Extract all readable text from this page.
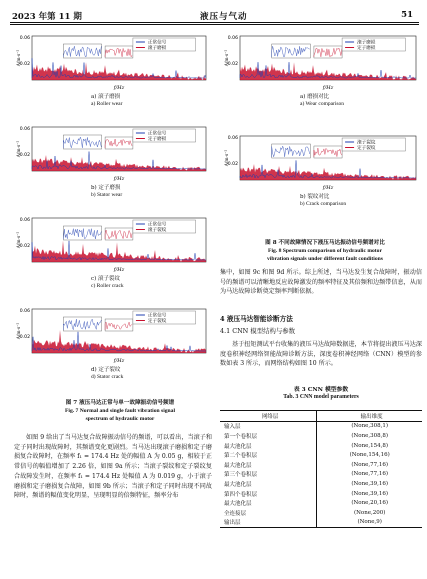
2023 年第 11 期	液压与气动	51
正常信号
滚子磨损
0.06
0.02
A/m·s⁻²
f/Hz
a) 滚子磨损
a) Roller wear
正常信号
定子磨损
0.06
0.02
A/m·s⁻²
f/Hz
b) 定子磨损
b) Stator wear
正常信号
滚子裂纹
0.06
0.02
A/m·s⁻²
f/Hz
c) 滚子裂纹
c) Roller crack
正常信号
定子裂纹
0.06
0.02
A/m·s⁻²
f/Hz
d) 定子裂纹
d) Stator crack
图 7 液压马达正常与单一故障振动信号频谱
Fig. 7 Normal and single fault vibration signal
spectrum of hydraulic motor
滚子磨损
定子磨损
0.06
0.02
A/m·s⁻²
f/Hz
a) 磨损对比
a) Wear comparison
滚子裂纹
定子裂纹
0.06
0.02
A/m·s⁻²
f/Hz
b) 裂纹对比
b) Crack comparison
图 8 不同故障情况下液压马达振动信号频谱对比
Fig. 8 Spectrum comparison of hydraulic motor
vibration signals under different fault conditions

如图 9 给出了当马达复合故障振动信号的频谱，可以看出，当滚子和定子同时出现故障时，其频谱变化更剧烈。当马达出现滚子磨损和定子磨损复合故障时，在频率 f₁ = 174.4 Hz 处的幅值 A 为 0.05 g，相较于正常信号的幅值增加了 2.26 倍，如图 9a 所示；当滚子裂纹和定子裂纹复合故障发生时，在频率 f₁ = 174.4 Hz 处幅值 A 为 0.019 g，小于滚子磨损和定子磨损复合故障，如图 9b 所示；当滚子和定子同时出现不同故障时，频谱的幅值变化明显，呈现明显的倍频特征，频率分布

集中，如图 9c 和图 9d 所示。综上所述，当马达发生复合故障时，振动信号的频谱可以清晰地反应故障激发的频率特征及其倍频和边频带信息，从而为马达故障诊断奠定频率判断依据。

4 液压马达智能诊断方法
4.1 CNN 模型结构与参数

基于扭矩测试平台收集的液压马达故障数据进，本节将提出液压马达深度卷积神经网络智能故障诊断方法，深度卷积神经网络（CNN）模型的参数如表 3 所示，而网络结构如图 10 所示。

表 3 CNN 模型参数
Tab. 3 CNN model parameters
网络层	输出维度
输入层	(None,308,1)
第一个卷积层	(None,308,8)
最大池化层	(None,154,8)
第二个卷积层	(None,154,16)
最大池化层	(None,77,16)
第三个卷积层	(None,77,16)
最大池化层	(None,39,16)
第四个卷积层	(None,39,16)
最大池化层	(None,20,16)
全连接层	(None,200)
输出层	(None,9)
